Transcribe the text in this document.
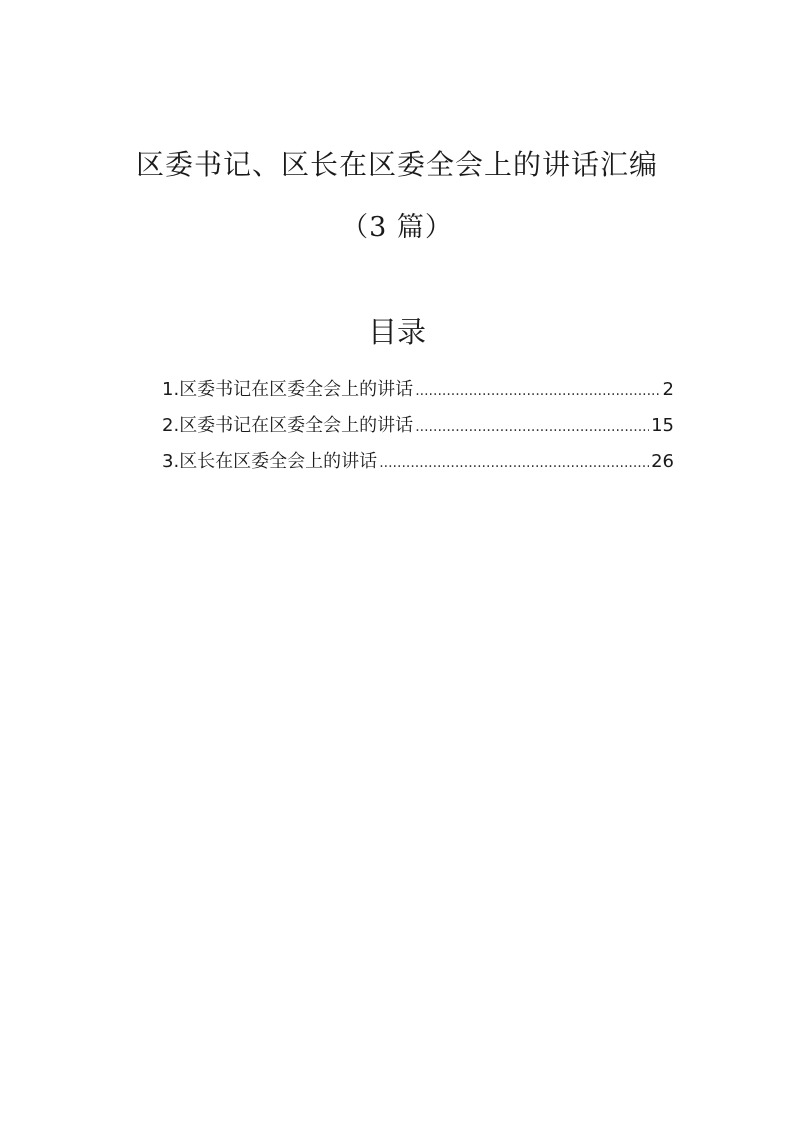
区委书记、区长在区委全会上的讲话汇编
（3 篇）
目录
1. 区委书记在区委全会上的讲话 .....	2
2. 区委书记在区委全会上的讲话 .....	15
3. 区长在区委全会上的讲话 .....	26
